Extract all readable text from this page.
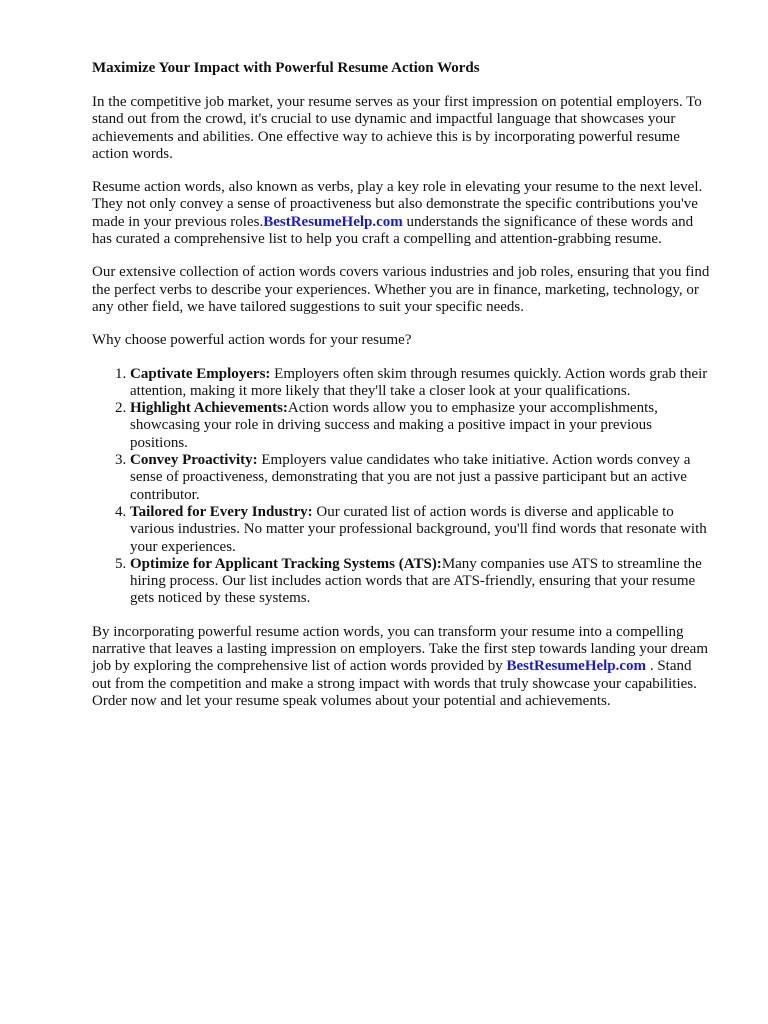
Maximize Your Impact with Powerful Resume Action Words

In the competitive job market, your resume serves as your first impression on potential employers. To stand out from the crowd, it's crucial to use dynamic and impactful language that showcases your achievements and abilities. One effective way to achieve this is by incorporating powerful resume action words.

Resume action words, also known as verbs, play a key role in elevating your resume to the next level. They not only convey a sense of proactiveness but also demonstrate the specific contributions you've made in your previous roles.BestResumeHelp.com understands the significance of these words and has curated a comprehensive list to help you craft a compelling and attention-grabbing resume.

Our extensive collection of action words covers various industries and job roles, ensuring that you find the perfect verbs to describe your experiences. Whether you are in finance, marketing, technology, or any other field, we have tailored suggestions to suit your specific needs.

Why choose powerful action words for your resume?

1. Captivate Employers: Employers often skim through resumes quickly. Action words grab their attention, making it more likely that they'll take a closer look at your qualifications.
2. Highlight Achievements:Action words allow you to emphasize your accomplishments, showcasing your role in driving success and making a positive impact in your previous positions.
3. Convey Proactivity: Employers value candidates who take initiative. Action words convey a sense of proactiveness, demonstrating that you are not just a passive participant but an active contributor.
4. Tailored for Every Industry: Our curated list of action words is diverse and applicable to various industries. No matter your professional background, you'll find words that resonate with your experiences.
5. Optimize for Applicant Tracking Systems (ATS):Many companies use ATS to streamline the hiring process. Our list includes action words that are ATS-friendly, ensuring that your resume gets noticed by these systems.

By incorporating powerful resume action words, you can transform your resume into a compelling narrative that leaves a lasting impression on employers. Take the first step towards landing your dream job by exploring the comprehensive list of action words provided by BestResumeHelp.com . Stand out from the competition and make a strong impact with words that truly showcase your capabilities. Order now and let your resume speak volumes about your potential and achievements.
